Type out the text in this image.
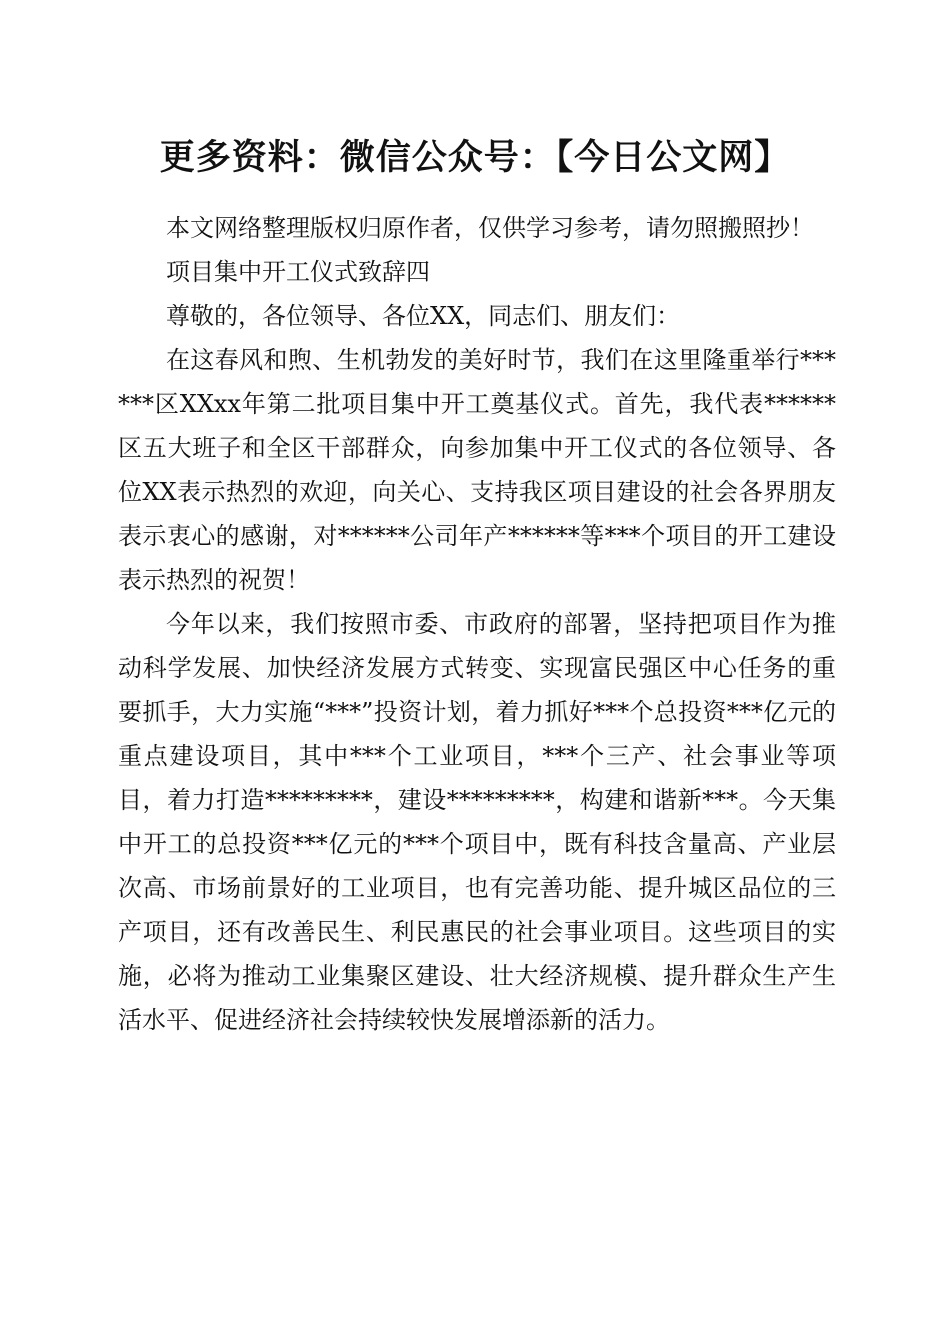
更多资料：微信公众号：【今日公文网】

本文网络整理版权归原作者，仅供学习参考，请勿照搬照抄！

项目集中开工仪式致辞四

尊敬的，各位领导、各位XX，同志们、朋友们：

在这春风和煦、生机勃发的美好时节，我们在这里隆重举行******区XXxx年第二批项目集中开工奠基仪式。首先，我代表******区五大班子和全区干部群众，向参加集中开工仪式的各位领导、各位XX表示热烈的欢迎，向关心、支持我区项目建设的社会各界朋友表示衷心的感谢，对******公司年产******等***个项目的开工建设表示热烈的祝贺！

今年以来，我们按照市委、市政府的部署，坚持把项目作为推动科学发展、加快经济发展方式转变、实现富民强区中心任务的重要抓手，大力实施“***”投资计划，着力抓好***个总投资***亿元的重点建设项目，其中***个工业项目，***个三产、社会事业等项目，着力打造*********，建设*********，构建和谐新***。今天集中开工的总投资***亿元的***个项目中，既有科技含量高、产业层次高、市场前景好的工业项目，也有完善功能、提升城区品位的三产项目，还有改善民生、利民惠民的社会事业项目。这些项目的实施，必将为推动工业集聚区建设、壮大经济规模、提升群众生产生活水平、促进经济社会持续较快发展增添新的活力。
